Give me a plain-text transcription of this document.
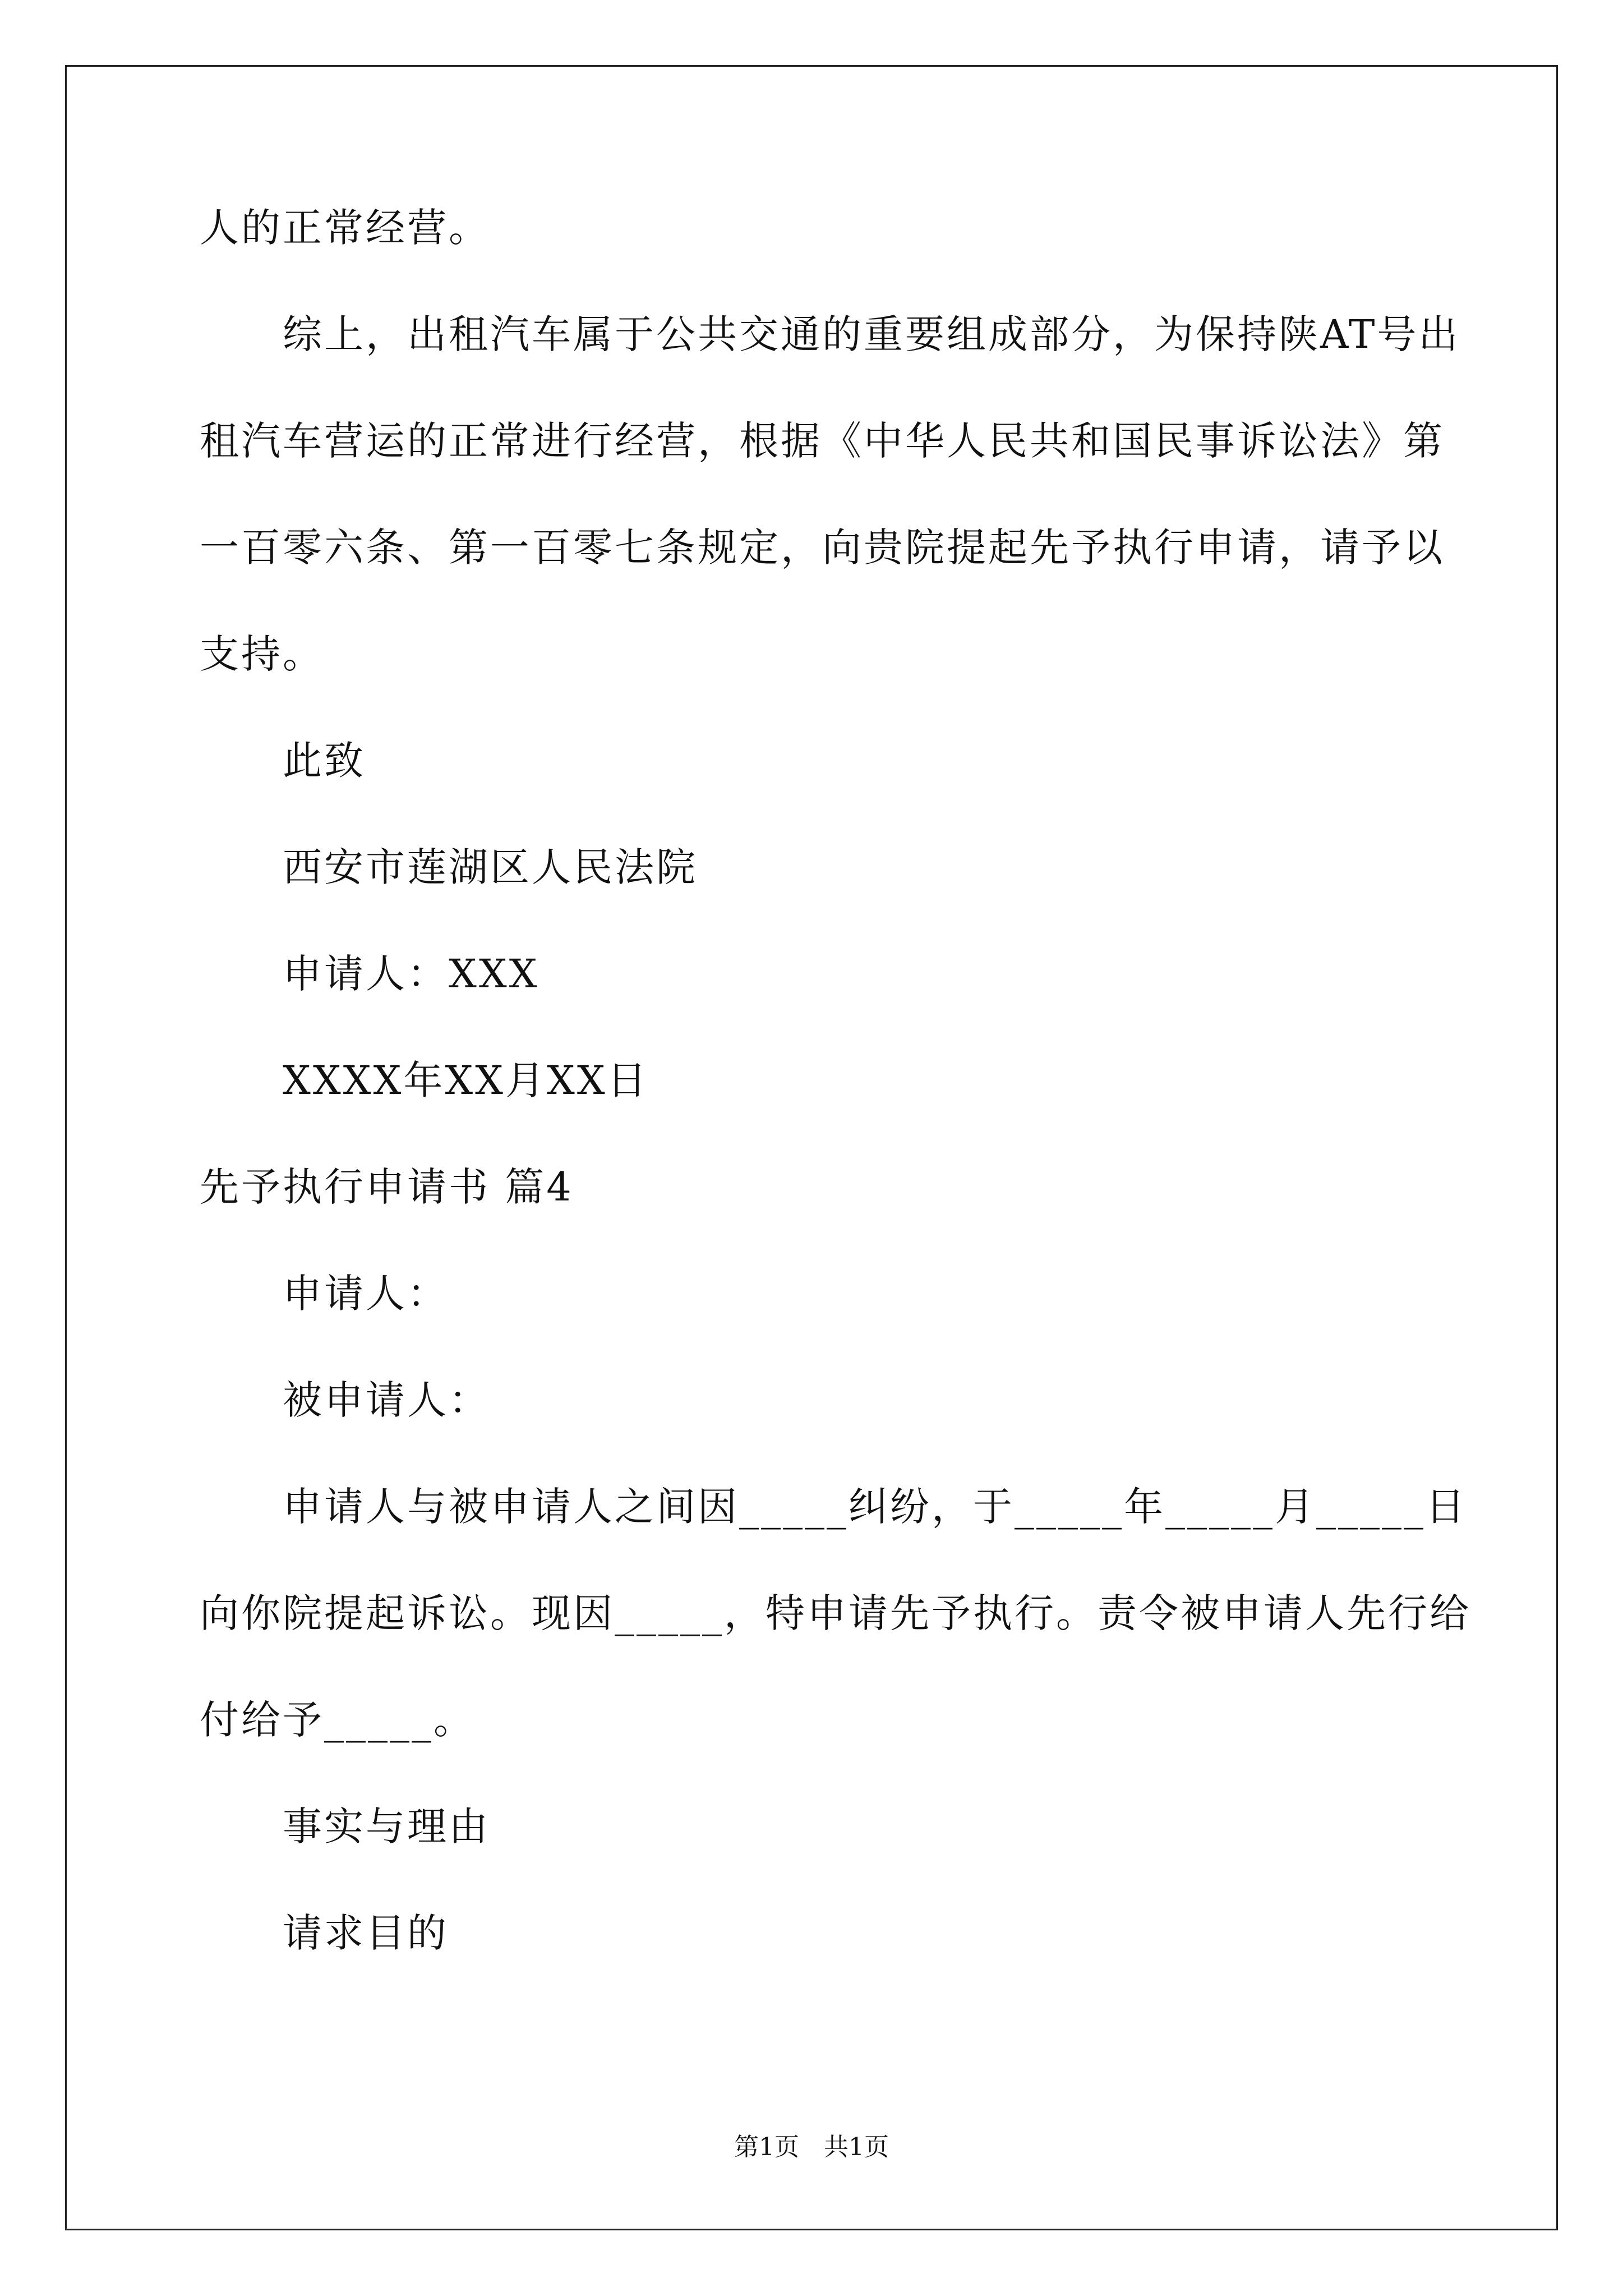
人的正常经营。
综上，出租汽车属于公共交通的重要组成部分，为保持陕AT号出
租汽车营运的正常进行经营，根据《中华人民共和国民事诉讼法》第
一百零六条、第一百零七条规定，向贵院提起先予执行申请，请予以
支持。
此致
西安市莲湖区人民法院
申请人：XXX
XXXX年XX月XX日
先予执行申请书 篇4
申请人：
被申请人：
申请人与被申请人之间因_____纠纷，于_____年_____月_____日
向你院提起诉讼。现因_____，特申请先予执行。责令被申请人先行给
付给予_____。
事实与理由
请求目的
第1页　共1页
